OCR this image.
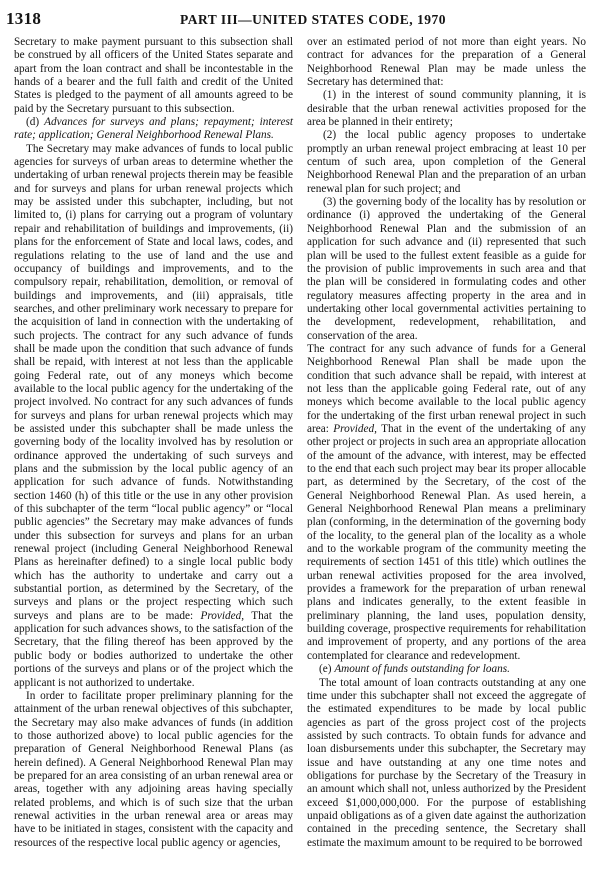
1318	PART III—UNITED STATES CODE, 1970

Secretary to make payment pursuant to this subsection shall be construed by all officers of the United States separate and apart from the loan contract and shall be incontestable in the hands of a bearer and the full faith and credit of the United States is pledged to the payment of all amounts agreed to be paid by the Secretary pursuant to this subsection.

(d) Advances for surveys and plans; repayment; interest rate; application; General Neighborhood Renewal Plans.

The Secretary may make advances of funds to local public agencies for surveys of urban areas to determine whether the undertaking of urban renewal projects therein may be feasible and for surveys and plans for urban renewal projects which may be assisted under this subchapter, including, but not limited to, (i) plans for carrying out a program of voluntary repair and rehabilitation of buildings and improvements, (ii) plans for the enforcement of State and local laws, codes, and regulations relating to the use of land and the use and occupancy of buildings and improvements, and to the compulsory repair, rehabilitation, demolition, or removal of buildings and improvements, and (iii) appraisals, title searches, and other preliminary work necessary to prepare for the acquisition of land in connection with the undertaking of such projects. The contract for any such advance of funds shall be made upon the condition that such advance of funds shall be repaid, with interest at not less than the applicable going Federal rate, out of any moneys which become available to the local public agency for the undertaking of the project involved. No contract for any such advances of funds for surveys and plans for urban renewal projects which may be assisted under this subchapter shall be made unless the governing body of the locality involved has by resolution or ordinance approved the undertaking of such surveys and plans and the submission by the local public agency of an application for such advance of funds. Notwithstanding section 1460 (h) of this title or the use in any other provision of this subchapter of the term “local public agency” or “local public agencies” the Secretary may make advances of funds under this subsection for surveys and plans for an urban renewal project (including General Neighborhood Renewal Plans as hereinafter defined) to a single local public body which has the authority to undertake and carry out a substantial portion, as determined by the Secretary, of the surveys and plans or the project respecting which such surveys and plans are to be made: Provided, That the application for such advances shows, to the satisfaction of the Secretary, that the filing thereof has been approved by the public body or bodies authorized to undertake the other portions of the surveys and plans or of the project which the applicant is not authorized to undertake.

In order to facilitate proper preliminary planning for the attainment of the urban renewal objectives of this subchapter, the Secretary may also make advances of funds (in addition to those authorized above) to local public agencies for the preparation of General Neighborhood Renewal Plans (as herein defined). A General Neighborhood Renewal Plan may be prepared for an area consisting of an urban renewal area or areas, together with any adjoining areas having specially related problems, and which is of such size that the urban renewal activities in the urban renewal area or areas may have to be initiated in stages, consistent with the capacity and resources of the respective local public agency or agencies,

over an estimated period of not more than eight years. No contract for advances for the preparation of a General Neighborhood Renewal Plan may be made unless the Secretary has determined that:

(1) in the interest of sound community planning, it is desirable that the urban renewal activities proposed for the area be planned in their entirety;

(2) the local public agency proposes to undertake promptly an urban renewal project embracing at least 10 per centum of such area, upon completion of the General Neighborhood Renewal Plan and the preparation of an urban renewal plan for such project; and

(3) the governing body of the locality has by resolution or ordinance (i) approved the undertaking of the General Neighborhood Renewal Plan and the submission of an application for such advance and (ii) represented that such plan will be used to the fullest extent feasible as a guide for the provision of public improvements in such area and that the plan will be considered in formulating codes and other regulatory measures affecting property in the area and in undertaking other local governmental activities pertaining to the development, redevelopment, rehabilitation, and conservation of the area.

The contract for any such advance of funds for a General Neighborhood Renewal Plan shall be made upon the condition that such advance shall be repaid, with interest at not less than the applicable going Federal rate, out of any moneys which become available to the local public agency for the undertaking of the first urban renewal project in such area: Provided, That in the event of the undertaking of any other project or projects in such area an appropriate allocation of the amount of the advance, with interest, may be effected to the end that each such project may bear its proper allocable part, as determined by the Secretary, of the cost of the General Neighborhood Renewal Plan. As used herein, a General Neighborhood Renewal Plan means a preliminary plan (conforming, in the determination of the governing body of the locality, to the general plan of the locality as a whole and to the workable program of the community meeting the requirements of section 1451 of this title) which outlines the urban renewal activities proposed for the area involved, provides a framework for the preparation of urban renewal plans and indicates generally, to the extent feasible in preliminary planning, the land uses, population density, building coverage, prospective requirements for rehabilitation and improvement of property, and any portions of the area contemplated for clearance and redevelopment.

(e) Amount of funds outstanding for loans.

The total amount of loan contracts outstanding at any one time under this subchapter shall not exceed the aggregate of the estimated expenditures to be made by local public agencies as part of the gross project cost of the projects assisted by such contracts. To obtain funds for advance and loan disbursements under this subchapter, the Secretary may issue and have outstanding at any one time notes and obligations for purchase by the Secretary of the Treasury in an amount which shall not, unless authorized by the President exceed $1,000,000,000. For the purpose of establishing unpaid obligations as of a given date against the authorization contained in the preceding sentence, the Secretary shall estimate the maximum amount to be required to be borrowed
